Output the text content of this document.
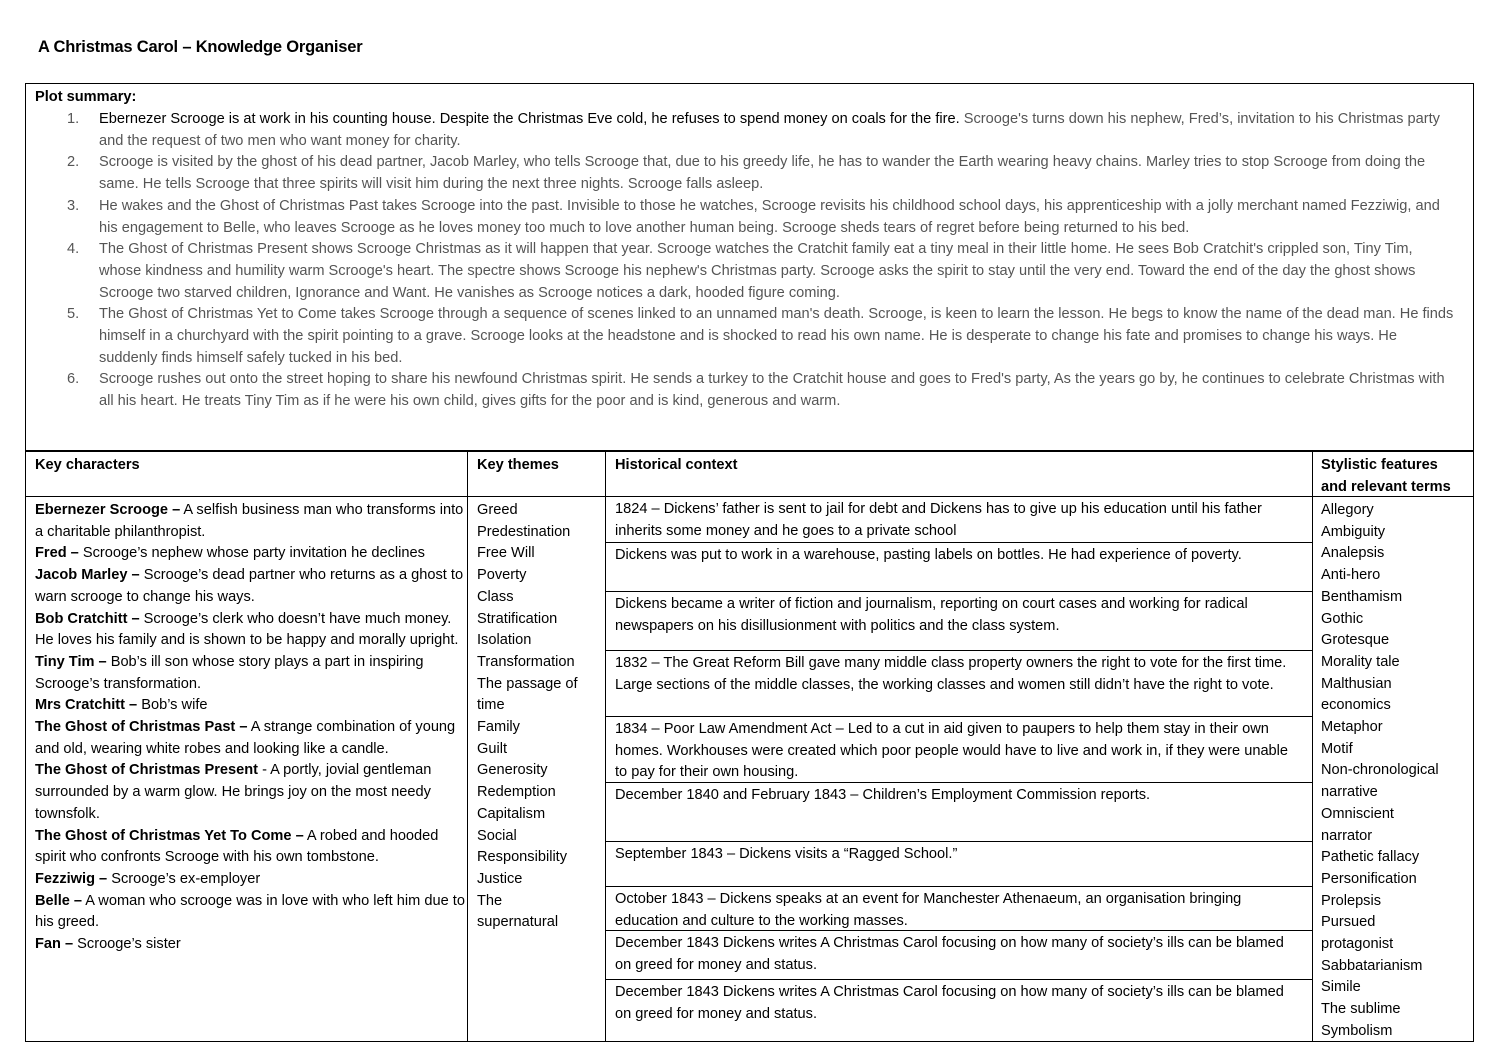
A Christmas Carol – Knowledge Organiser
Plot summary:
1. Ebernezer Scrooge is at work in his counting house. Despite the Christmas Eve cold, he refuses to spend money on coals for the fire. Scrooge's turns down his nephew, Fred’s, invitation to his Christmas party and the request of two men who want money for charity.
2. Scrooge is visited by the ghost of his dead partner, Jacob Marley, who tells Scrooge that, due to his greedy life, he has to wander the Earth wearing heavy chains. Marley tries to stop Scrooge from doing the same. He tells Scrooge that three spirits will visit him during the next three nights. Scrooge falls asleep.
3. He wakes and the Ghost of Christmas Past takes Scrooge into the past. Invisible to those he watches, Scrooge revisits his childhood school days, his apprenticeship with a jolly merchant named Fezziwig, and his engagement to Belle, who leaves Scrooge as he loves money too much to love another human being. Scrooge sheds tears of regret before being returned to his bed.
4. The Ghost of Christmas Present shows Scrooge Christmas as it will happen that year. Scrooge watches the Cratchit family eat a tiny meal in their little home. He sees Bob Cratchit's crippled son, Tiny Tim, whose kindness and humility warm Scrooge's heart. The spectre shows Scrooge his nephew's Christmas party. Scrooge asks the spirit to stay until the very end. Toward the end of the day the ghost shows Scrooge two starved children, Ignorance and Want. He vanishes as Scrooge notices a dark, hooded figure coming.
5. The Ghost of Christmas Yet to Come takes Scrooge through a sequence of scenes linked to an unnamed man's death. Scrooge, is keen to learn the lesson. He begs to know the name of the dead man. He finds himself in a churchyard with the spirit pointing to a grave. Scrooge looks at the headstone and is shocked to read his own name. He is desperate to change his fate and promises to change his ways. He suddenly finds himself safely tucked in his bed.
6. Scrooge rushes out onto the street hoping to share his newfound Christmas spirit. He sends a turkey to the Cratchit house and goes to Fred's party, As the years go by, he continues to celebrate Christmas with all his heart. He treats Tiny Tim as if he were his own child, gives gifts for the poor and is kind, generous and warm.
Key characters
Ebernezer Scrooge – A selfish business man who transforms into a charitable philanthropist.
Fred – Scrooge’s nephew whose party invitation he declines
Jacob Marley – Scrooge’s dead partner who returns as a ghost to warn scrooge to change his ways.
Bob Cratchitt – Scrooge’s clerk who doesn’t have much money. He loves his family and is shown to be happy and morally upright.
Tiny Tim – Bob’s ill son whose story plays a part in inspiring Scrooge’s transformation.
Mrs Cratchitt – Bob’s wife
The Ghost of Christmas Past – A strange combination of young and old, wearing white robes and looking like a candle.
The Ghost of Christmas Present - A portly, jovial gentleman surrounded by a warm glow. He brings joy on the most needy townsfolk.
The Ghost of Christmas Yet To Come – A robed and hooded spirit who confronts Scrooge with his own tombstone.
Fezziwig – Scrooge’s ex-employer
Belle – A woman who scrooge was in love with who left him due to his greed.
Fan – Scrooge’s sister
Key themes
Greed
Predestination
Free Will
Poverty
Class
Stratification
Isolation
Transformation
The passage of
time
Family
Guilt
Generosity
Redemption
Capitalism
Social
Responsibility
Justice
The
supernatural
Historical context
1824 – Dickens’ father is sent to jail for debt and Dickens has to give up his education until his father inherits some money and he goes to a private school
Dickens was put to work in a warehouse, pasting labels on bottles. He had experience of poverty.
Dickens became a writer of fiction and journalism, reporting on court cases and working for radical newspapers on his disillusionment with politics and the class system.
1832 – The Great Reform Bill gave many middle class property owners the right to vote for the first time. Large sections of the middle classes, the working classes and women still didn’t have the right to vote.
1834 – Poor Law Amendment Act – Led to a cut in aid given to paupers to help them stay in their own homes. Workhouses were created which poor people would have to live and work in, if they were unable to pay for their own housing.
December 1840 and February 1843 – Children’s Employment Commission reports.
September 1843 – Dickens visits a “Ragged School.”
October 1843 – Dickens speaks at an event for Manchester Athenaeum, an organisation bringing education and culture to the working masses.
December 1843 Dickens writes A Christmas Carol focusing on how many of society’s ills can be blamed on greed for money and status.
December 1843 Dickens writes A Christmas Carol focusing on how many of society’s ills can be blamed on greed for money and status.
Stylistic features
and relevant terms
Allegory
Ambiguity
Analepsis
Anti-hero
Benthamism
Gothic
Grotesque
Morality tale
Malthusian
economics
Metaphor
Motif
Non-chronological
narrative
Omniscient
narrator
Pathetic fallacy
Personification
Prolepsis
Pursued
protagonist
Sabbatarianism
Simile
The sublime
Symbolism
